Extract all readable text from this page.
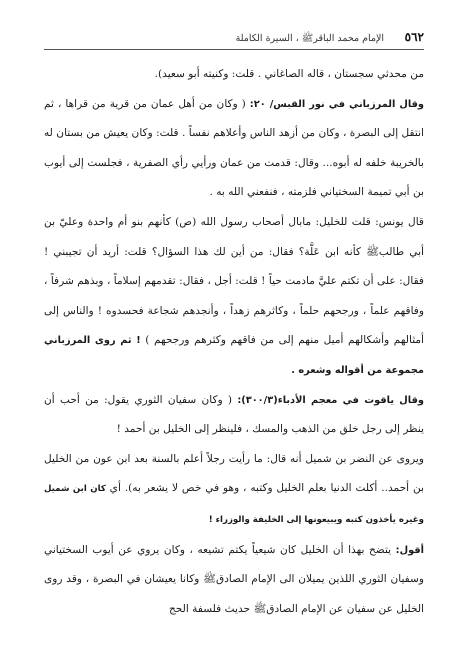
٥٦٢
الإمام محمد الباقرﷺ ، السيرة الكاملة

من محدثي سجستان ، قاله الصاغاني . قلت: وكنيته أبو سعيد).

وقال المرزباني في نور القبس/ ٢٠: ( وكان من أهل عمان من قرية من قراها ، ثم انتقل إلى البصرة ، وكان من أزهد الناس وأعلاهم نفساً . قلت: وكان يعيش من بستان له بالخريبة خلفه له أبوه... وقال: قدمت من عمان ورأيي رأي الصفرية ، فجلست إلى أيوب بن أبي تميمة السختياني فلزمته ، فنفعني الله به .

قال يونس: قلت للخليل: مابال أصحاب رسول الله (ص) كأنهم بنو أم واحدة وعليّ بن أبي طالبﷺ كأنه ابن عَلَّة؟ فقال: من أين لك هذا السؤال؟ قلت: أريد أن تجيبني ! فقال: على أن تكتم عليَّ مادمت حياً ! قلت: أجل ، فقال: تقدمهم إسلاماً ، وبذهم شرفاً ، وفاقهم علماً ، ورجحهم حلماً ، وكاثرهم زهداً ، وأنجدهم شجاعة فحسدوه ! والناس إلى أمثالهم وأشكالهم أميل منهم إلى من فاقهم وكثرهم ورجحهم ) ! ثم روى المرزباني مجموعة من أقواله وشعره .

وقال ياقوت في معجم الأدباء(٣٠٠/٣): ( وكان سفيان الثوري يقول: من أحب أن ينظر إلى رجل خلق من الذهب والمسك ، فلينظر إلى الخليل بن أحمد !

ويروى عن النضر بن شميل أنه قال: ما رأيت رجلاً أعلم بالسنة بعد ابن عون من الخليل بن أحمد.. أكلت الدنيا بعلم الخليل وكتبه ، وهو في خص لا يشعر به). أي كان ابن شميل وغيره يأخذون كتبه ويبيعونها إلى الخليفة والوزراء !

أقول: يتضح بهذا أن الخليل كان شيعياً يكتم تشيعه ، وكان يروي عن أيوب السختياني وسفيان الثوري اللذين يميلان الى الإمام الصادقﷺ وكانا يعيشان في البصرة ، وقد روى الخليل عن سفيان عن الإمام الصادقﷺ حديث فلسفة الحج
